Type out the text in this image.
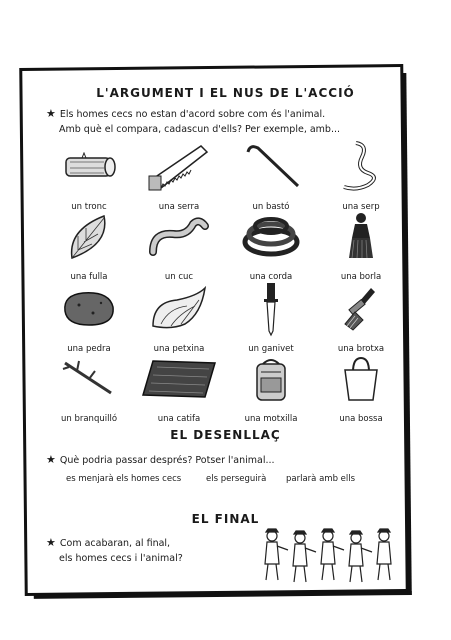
L'ARGUMENT I EL NUS DE L'ACCIÓ
★ Els homes cecs no estan d'acord sobre com és l'animal.
Amb què el compara, cadascun d'ells? Per exemple, amb...
un tronc	una serra	un bastó	una serp
una fulla	un cuc	una corda	una borla
una pedra	una petxina	un ganivet	una brotxa
un branquilló	una catifa	una motxilla	una bossa
EL DESENLLAÇ
★ Què podria passar després? Potser l'animal...
es menjarà els homes cecs	els perseguirà parlarà amb ells
EL FINAL
★ Com acabaran, al final,
els homes cecs i l'animal?
